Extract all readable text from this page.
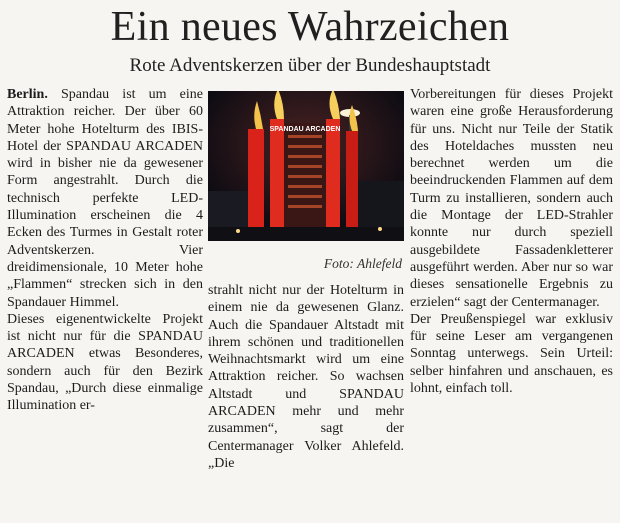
Ein neues Wahrzeichen
Rote Adventskerzen über der Bundeshauptstadt

Berlin. Spandau ist um eine Attraktion reicher. Der über 60 Meter hohe Hotelturm des IBIS-Hotel der SPANDAU ARCADEN wird in bisher nie da gewesener Form angestrahlt. Durch die technisch perfekte LED-Illumination erscheinen die 4 Ecken des Turmes in Gestalt roter Adventskerzen. Vier dreidimensionale, 10 Meter hohe „Flammen“ strecken sich in den Spandauer Himmel.

Dieses eigenentwickelte Projekt ist nicht nur für die SPANDAU ARCADEN etwas Besonderes, sondern auch für den Bezirk Spandau, „Durch diese einmalige Illumination er-

SPANDAU ARCADEN
Foto: Ahlefeld

strahlt nicht nur der Hotelturm in einem nie da gewesenen Glanz. Auch die Spandauer Altstadt mit ihrem schönen und traditionellen Weihnachtsmarkt wird um eine Attraktion reicher. So wachsen Altstadt und SPANDAU ARCADEN mehr und mehr zusammen“, sagt der Centermanager Volker Ahlefeld. „Die

Vorbereitungen für dieses Projekt waren eine große Herausforderung für uns. Nicht nur Teile der Statik des Hoteldaches mussten neu berechnet werden um die beeindruckenden Flammen auf dem Turm zu installieren, sondern auch die Montage der LED-Strahler konnte nur durch speziell ausgebildete Fassadenkletterer ausgeführt werden. Aber nur so war dieses sensationelle Ergebnis zu erzielen“ sagt der Centermanager.

Der Preußenspiegel war exklusiv für seine Leser am vergangenen Sonntag unterwegs. Sein Urteil: selber hinfahren und anschauen, es lohnt, einfach toll.
